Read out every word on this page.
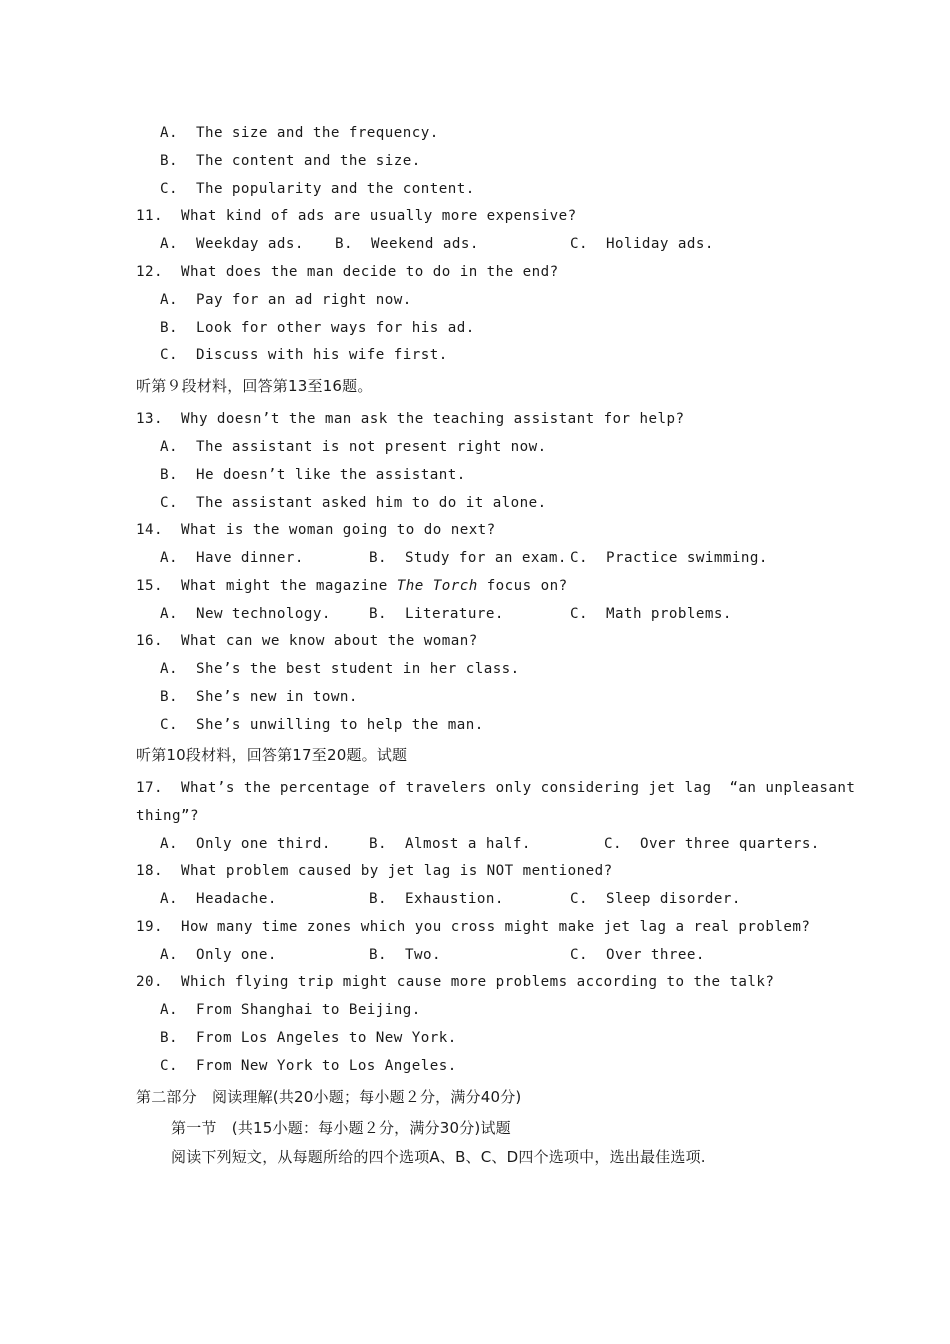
A.  The size and the frequency.
B.  The content and the size.
C.  The popularity and the content.
11.  What kind of ads are usually more expensive?
A.  Weekday ads. B.  Weekend ads.	C.  Holiday ads.
12.  What does the man decide to do in the end?
A.  Pay for an ad right now.
B.  Look for other ways for his ad.
C.  Discuss with his wife first.
听第９段材料，回答第13至16题。
13.  Why doesn’t the man ask the teaching assistant for help?
A.  The assistant is not present right now.
B.  He doesn’t like the assistant.
C.  The assistant asked him to do it alone.
14.  What is the woman going to do next?
A.  Have dinner.	B.  Study for an exam. C.  Practice swimming.
15.  What might the magazine The Torch focus on?
A.  New technology.	B.  Literature.	C.  Math problems.
16.  What can we know about the woman?
A.  She’s the best student in her class.
B.  She’s new in town.
C.  She’s unwilling to help the man.
听第10段材料，回答第17至20题。试题
17.  What’s the percentage of travelers only considering jet lag  “an unpleasant
thing”?
A.  Only one third.	B.  Almost a half.	C.  Over three quarters.
18.  What problem caused by jet lag is NOT mentioned?
A.  Headache.	B.  Exhaustion.	C.  Sleep disorder.
19.  How many time zones which you cross might make jet lag a real problem?
A.  Only one.	B.  Two.	C.  Over three.
20.  Which flying trip might cause more problems according to the talk?
A.  From Shanghai to Beijing.
B.  From Los Angeles to New York.
C.  From New York to Los Angeles.
第二部分　阅读理解(共20小题；每小题２分，满分40分)
第一节　(共15小题：每小题２分，满分30分)试题
阅读下列短文，从每题所给的四个选项A、B、C、D四个选项中，选出最佳选项.
